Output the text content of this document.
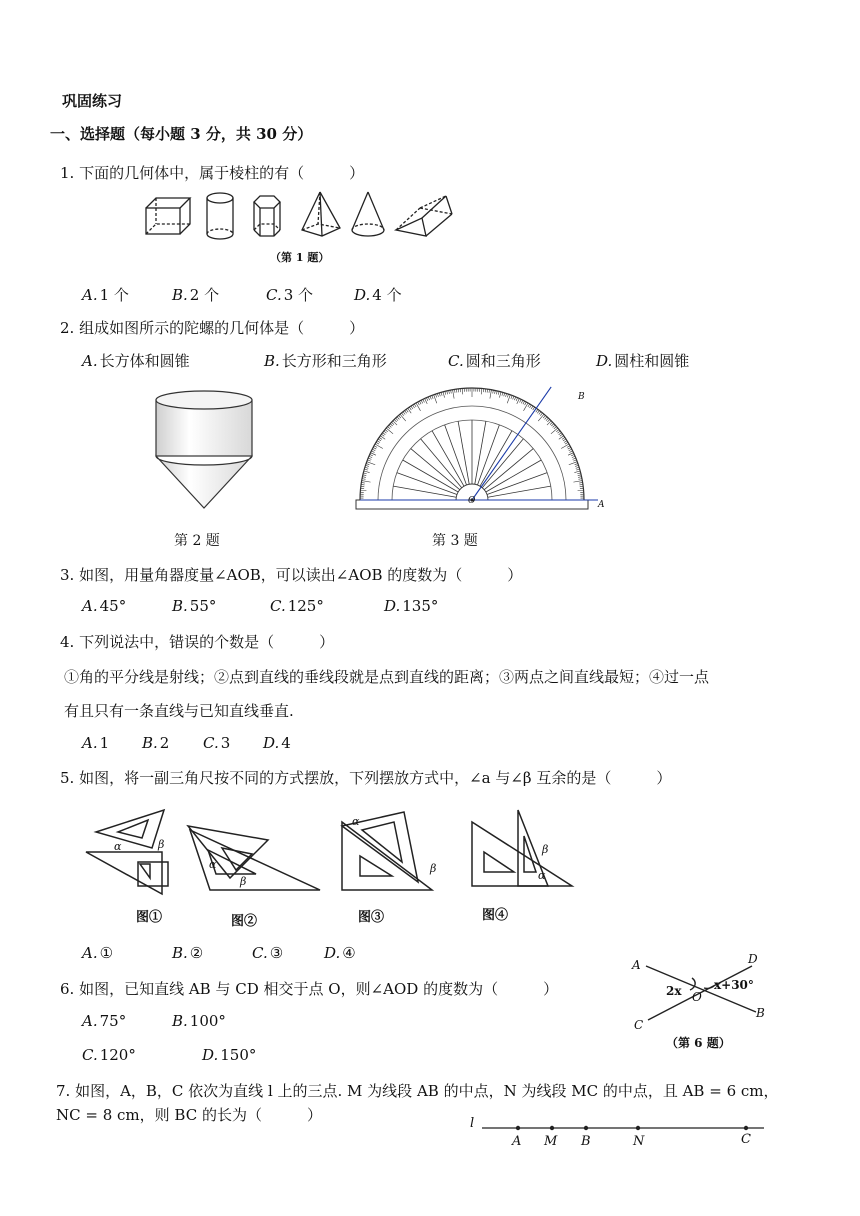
巩固练习
一、选择题（每小题 3 分，共 30 分）
1. 下面的几何体中，属于棱柱的有（　　　）
（第 1 题）
A. 1 个	B. 2 个	C. 3 个	D. 4 个
2. 组成如图所示的陀螺的几何体是（　　　）
A. 长方体和圆锥	B. 长方形和三角形	C. 圆和三角形	D. 圆柱和圆锥
第 2 题
A
B
O
第 3 题
3. 如图，用量角器度量∠AOB，可以读出∠AOB 的度数为（　　　）
A. 45°	B. 55°	C. 125°	D. 135°
4. 下列说法中，错误的个数是（　　　）
①角的平分线是射线；②点到直线的垂线段就是点到直线的距离；③两点之间直线最短；④过一点
有且只有一条直线与已知直线垂直.
A. 1 B. 2 C. 3 D. 4
5. 如图，将一副三角尺按不同的方式摆放，下列摆放方式中，∠a 与∠β 互余的是（　　　）
α	β
α
β
α
β
α
β
图①	图②	图③	图④
A. ①	B. ②	C. ③	D. ④
6. 如图，已知直线 AB 与 CD 相交于点 O，则∠AOD 的度数为（　　　）
A. 75°	B. 100°
C. 120°	D. 150°
A
B
C
D
O
2x	x+30°
（第 6 题）
7. 如图，A，B，C 依次为直线 l 上的三点. M 为线段 AB 的中点，N 为线段 MC 的中点，且 AB = 6 cm，
NC = 8 cm，则 BC 的长为（　　　）	l
A M B	N	C
